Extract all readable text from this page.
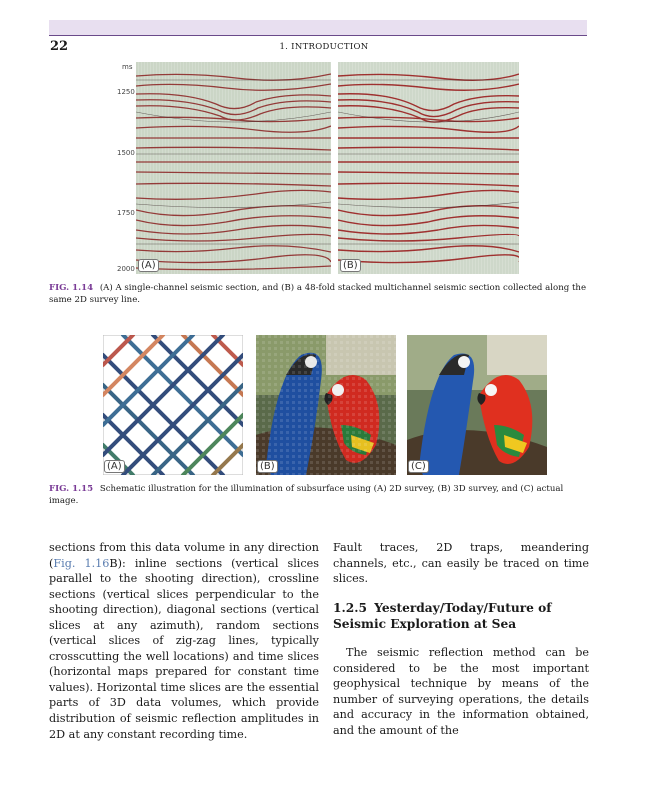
22	1. INTRODUCTION
ms
1250
1500
1750
2000 (A)	(B)
FIG. 1.14 (A) A single-channel seismic section, and (B) a 48-fold stacked multichannel seismic section collected along the same 2D survey line.
(A)	(B)	(C)
FIG. 1.15 Schematic illustration for the illumination of subsurface using (A) 2D survey, (B) 3D survey, and (C) actual image.
sections from this data volume in any direction (Fig. 1.16B): inline sections (vertical slices parallel to the shooting direction), crossline sections (vertical slices perpendicular to the shooting direction), diagonal sections (vertical slices at any azimuth), random sections (vertical slices of zig-zag lines, typically crosscutting the well locations) and time slices (horizontal maps prepared for constant time values). Horizontal time slices are the essential parts of 3D data volumes, which provide distribution of seismic reflection amplitudes in 2D at any constant recording time.
Fault traces, 2D traps, meandering channels, etc., can easily be traced on time slices.
1.2.5 Yesterday/Today/Future of Seismic Exploration at Sea
The seismic reflection method can be considered to be the most important geophysical technique by means of the number of surveying operations, the details and accuracy in the information obtained, and the amount of the
